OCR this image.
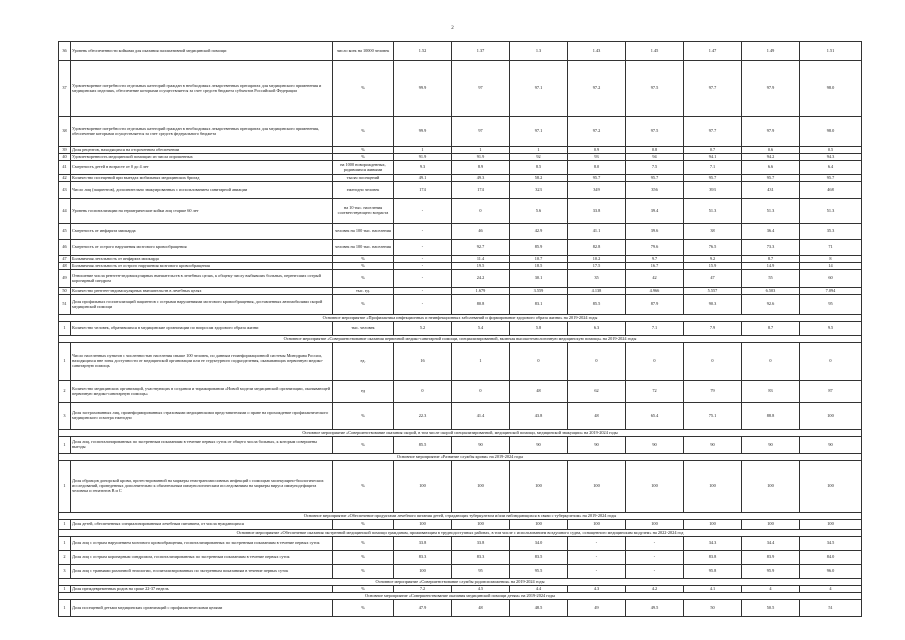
2
36	Уровень обеспеченности койками для оказания паллиативной медицинской помощи	число коек на 10000 человек	1.52	1.37	1.3	1.43	1.45	1.47	1.49	1.51
37	Удовлетворение потребности отдельных категорий граждан в необходимых лекарственных препаратах для медицинского применения и медицинских изделиях, обеспечение которыми осуществляется за счет средств бюджета субъектов Российской Федерации	%	99.9	97	97.1	97.2	97.5	97.7	97.9	98.0
38	Удовлетворение потребности отдельных категорий граждан в необходимых лекарственных препаратах для медицинского применения, обеспечение которыми осуществляется за счет средств федерального бюджета	%	99.9	97	97.1	97.2	97.5	97.7	97.9	98.0
39	Доля рецептов, находящихся на отсроченном обеспечении	%	1	1	1	0.9	0.8	0.7	0.6	0.5
40	Удовлетворенность медицинской помощью из числа опрошенных	%	91.9	91.9	92	93	94	94.1	94.2	94.3
41	Смертность детей в возрасте от 0 до 4 лет	на 1000 новорожденных, родившихся живыми	9.3	8.9	8.5	8.0	7.5	7.1	6.6	6.4
42	Количество посещений при выездах мобильных медицинских бригад	тысяч посещений	49.1	49.3	58.2	95.7	95.7	95.7	95.7	95.7
43	Число лиц (пациентов), дополнительно эвакуированных с использованием санитарной авиации	ежегодно человек	174	174	323	349	356	393	431	468
44	Уровень госпитализации на гериатрические койки лиц старше 60 лет	на 10 тыс. населения соответствующего возраста	-	0	5.6	33.8	39.4	51.3	51.3	51.3
45	Смертность от инфаркта миокарда	человек на 100 тыс. населения	-	46	42.9	41.1	39.6	38	36.4	35.3
46	Смертность от острого нарушения мозгового кровообращения	человек на 100 тыс. населения	-	92.7	85.9	82.8	79.6	76.5	73.3	71
47	Больничная летальность от инфаркта миокарда	%	-	11.4	10.7	10.2	9.7	9.2	8.7	8
48	Больничная летальность от острого нарушения мозгового кровообращения	%	-	19.5	18.5	17.5	16.7	15.9	14.9	14
49	Отношение числа рентген-эндоваскулярных вмешательств в лечебных целях, к общему числу выбывших больных, перенесших острый коронарный синдром	%	-	24.2	30.1	35	42	47	55	60
50	Количество рентген-эндоваскулярных вмешательств в лечебных целях	тыс. ед.	-	1.679	3.559	4.138	4.966	5.557	6.503	7.094
51	Доля профильных госпитализаций пациентов с острыми нарушениями мозгового кровообращения, доставленных автомобилями скорой медицинской помощи	%	-	80.8	83.1	85.5	87.9	90.3	92.6	95
Основное мероприятие «Профилактика инфекционных и неинфекционных заболеваний и формирование здорового образа жизни» на 2019-2024 годы										
1	Количество человек, обратившихся в медицинские организации по вопросам здорового образа жизни	тыс. человек	5.2	5.4	5.8	6.3	7.1	7.9	8.7	9.5
Основное мероприятие «Совершенствование оказания первичной медико-санитарной помощи, специализированной, включая высокотехнологичную медицинскую помощь» на 2019-2024 годы										
1	Число населенных пунктов с численностью населения свыше 100 человек, по данным геоинформационной системы Минздрава России, находящихся вне зоны доступности от медицинской организации или ее структурного подразделения, оказывающих первичную медико-санитарную помощь	ед.	16	1	0	0	0	0	0	0
2	Количество медицинских организаций, участвующих в создании и тиражировании «Новой модели медицинской организации, оказывающей первичную медико-санитарную помощь»	ед	0	0	48	62	72	79	83	87
3	Доля застрахованных лиц, проинформированных страховыми медицинскими представителями о праве на прохождение профилактического медицинского осмотра ежегодно	%	22.3	41.4	43.8	48	65.4	75.1	88.8	100
Основное мероприятие «Совершенствование оказания скорой, в том числе скорой специализированной, медицинской помощи, медицинской эвакуации» на 2019-2024 годы										
1	Доля лиц, госпитализированных по экстренным показаниям в течение первых суток от общего числа больных, к которым совершены выезды	%	85.5	90	90	90	90	90	90	90
Основное мероприятие «Развитие службы крови» на 2019-2024 годы										
1	Доля образцов донорской крови, протестированной на маркеры гемотрансмиссивных инфекций с помощью молекулярно-биологических исследований, проведенных дополнительно к обязательным иммунологическим исследованиям на маркеры вируса иммунодефицита человека и гепатитов В и С	%	100	100	100	100	100	100	100	100
Основное мероприятие «Обеспечение продуктами лечебного питания детей, страдающих туберкулезом и/или наблюдающихся в связи с туберкулезом» на 2019-2024 годы										
1	Доля детей, обеспеченных специализированным лечебным питанием, от числа нуждающихся	%	100	100	100	100	100	100	100	100
Основное мероприятие «Обеспечение оказания экстренной медицинской помощи гражданам, проживающим в труднодоступных районах, в том числе с использованием воздушного судна, оснащенного медицинским модулем» на 2022-2024 год										
1	Доля лиц с острым нарушением мозгового кровообращения, госпитализированных по экстренным показаниям в течение первых суток	%	33.8	33.8	34.0	-	-	34.3	34.4	34.5
2	Доля лиц с острым коронарным синдромом, госпитализированных по экстренным показаниям в течение первых суток	%	83.3	83.3	83.5	-	-	83.8	83.9	84.0
3	Доля лиц с травмами различной этиологии, госпитализированных по экстренным показаниям в течение первых суток	%	100	95	95.5	-	-	95.8	95.9	96.0
Основное мероприятие «Совершенствование службы родовспоможения» на 2019-2024 годы										
1	Доля преждевременных родов на сроке 22-37 недель	%	7.2	4.5	4.4	4.3	4.2	4.1	4	4
Основное мероприятие «Совершенствование оказания медицинской помощи детям» на 2019-2024 годы										
1	Доля посещений детьми медицинских организаций с профилактическими целями	%	47.9	48	48.5	49	49.5	50	50.5	51
